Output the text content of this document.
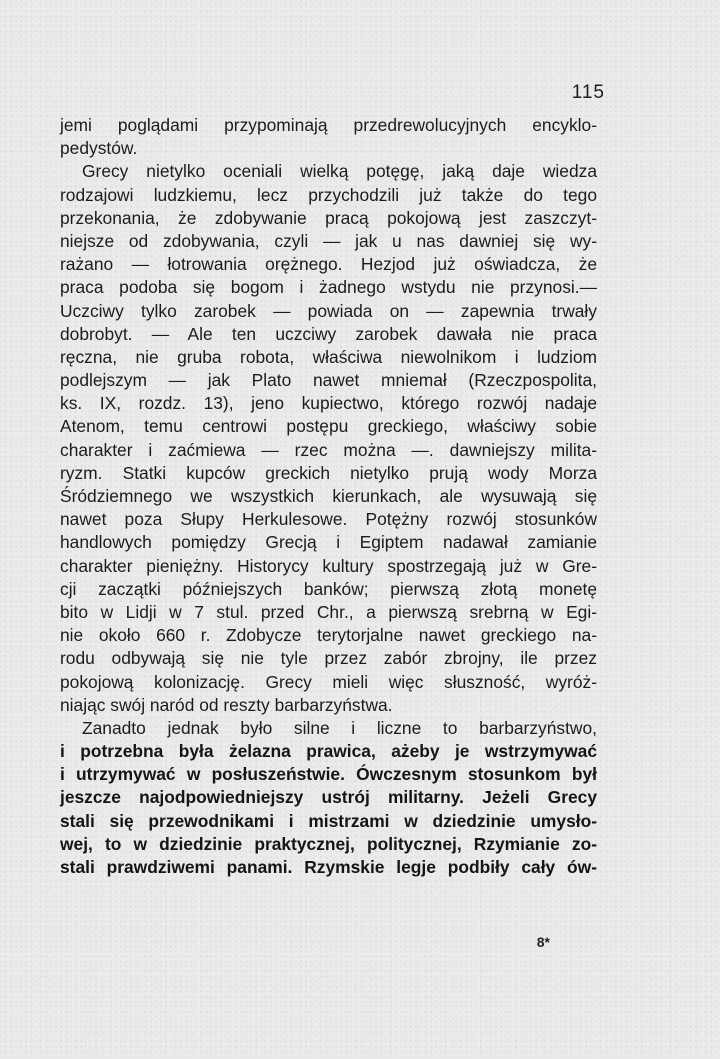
115
jemi poglądami przypominają przedrewolucyjnych encyklo-
pedystów.
Grecy nietylko oceniali wielką potęgę, jaką daje wiedza
rodzajowi ludzkiemu, lecz przychodzili już także do tego
przekonania, że zdobywanie pracą pokojową jest zaszczyt-
niejsze od zdobywania, czyli — jak u nas dawniej się wy-
rażano — łotrowania orężnego. Hezjod już oświadcza, że
praca podoba się bogom i żadnego wstydu nie przynosi.—
Uczciwy tylko zarobek — powiada on — zapewnia trwały
dobrobyt. — Ale ten uczciwy zarobek dawała nie praca
ręczna, nie gruba robota, właściwa niewolnikom i ludziom
podlejszym — jak Plato nawet mniemał (Rzeczpospolita,
ks. IX, rozdz. 13), jeno kupiectwo, którego rozwój nadaje
Atenom, temu centrowi postępu greckiego, właściwy sobie
charakter i zaćmiewa — rzec można —. dawniejszy milita-
ryzm. Statki kupców greckich nietylko prują wody Morza
Śródziemnego we wszystkich kierunkach, ale wysuwają się
nawet poza Słupy Herkulesowe. Potężny rozwój stosunków
handlowych pomiędzy Grecją i Egiptem nadawał zamianie
charakter pieniężny. Historycy kultury spostrzegają już w Gre-
cji zaczątki późniejszych banków; pierwszą złotą monetę
bito w Lidji w 7 stul. przed Chr., a pierwszą srebrną w Egi-
nie około 660 r. Zdobycze terytorjalne nawet greckiego na-
rodu odbywają się nie tyle przez zabór zbrojny, ile przez
pokojową kolonizację. Grecy mieli więc słuszność, wyróż-
niając swój naród od reszty barbarzyństwa.
Zanadto jednak było silne i liczne to barbarzyństwo,
i potrzebna była żelazna prawica, ażeby je wstrzymywać
i utrzymywać w posłuszeństwie. Ówczesnym stosunkom był
jeszcze najodpowiedniejszy ustrój militarny. Jeżeli Grecy
stali się przewodnikami i mistrzami w dziedzinie umysło-
wej, to w dziedzinie praktycznej, politycznej, Rzymianie zo-
stali prawdziwemi panami. Rzymskie legje podbiły cały ów-
8*
